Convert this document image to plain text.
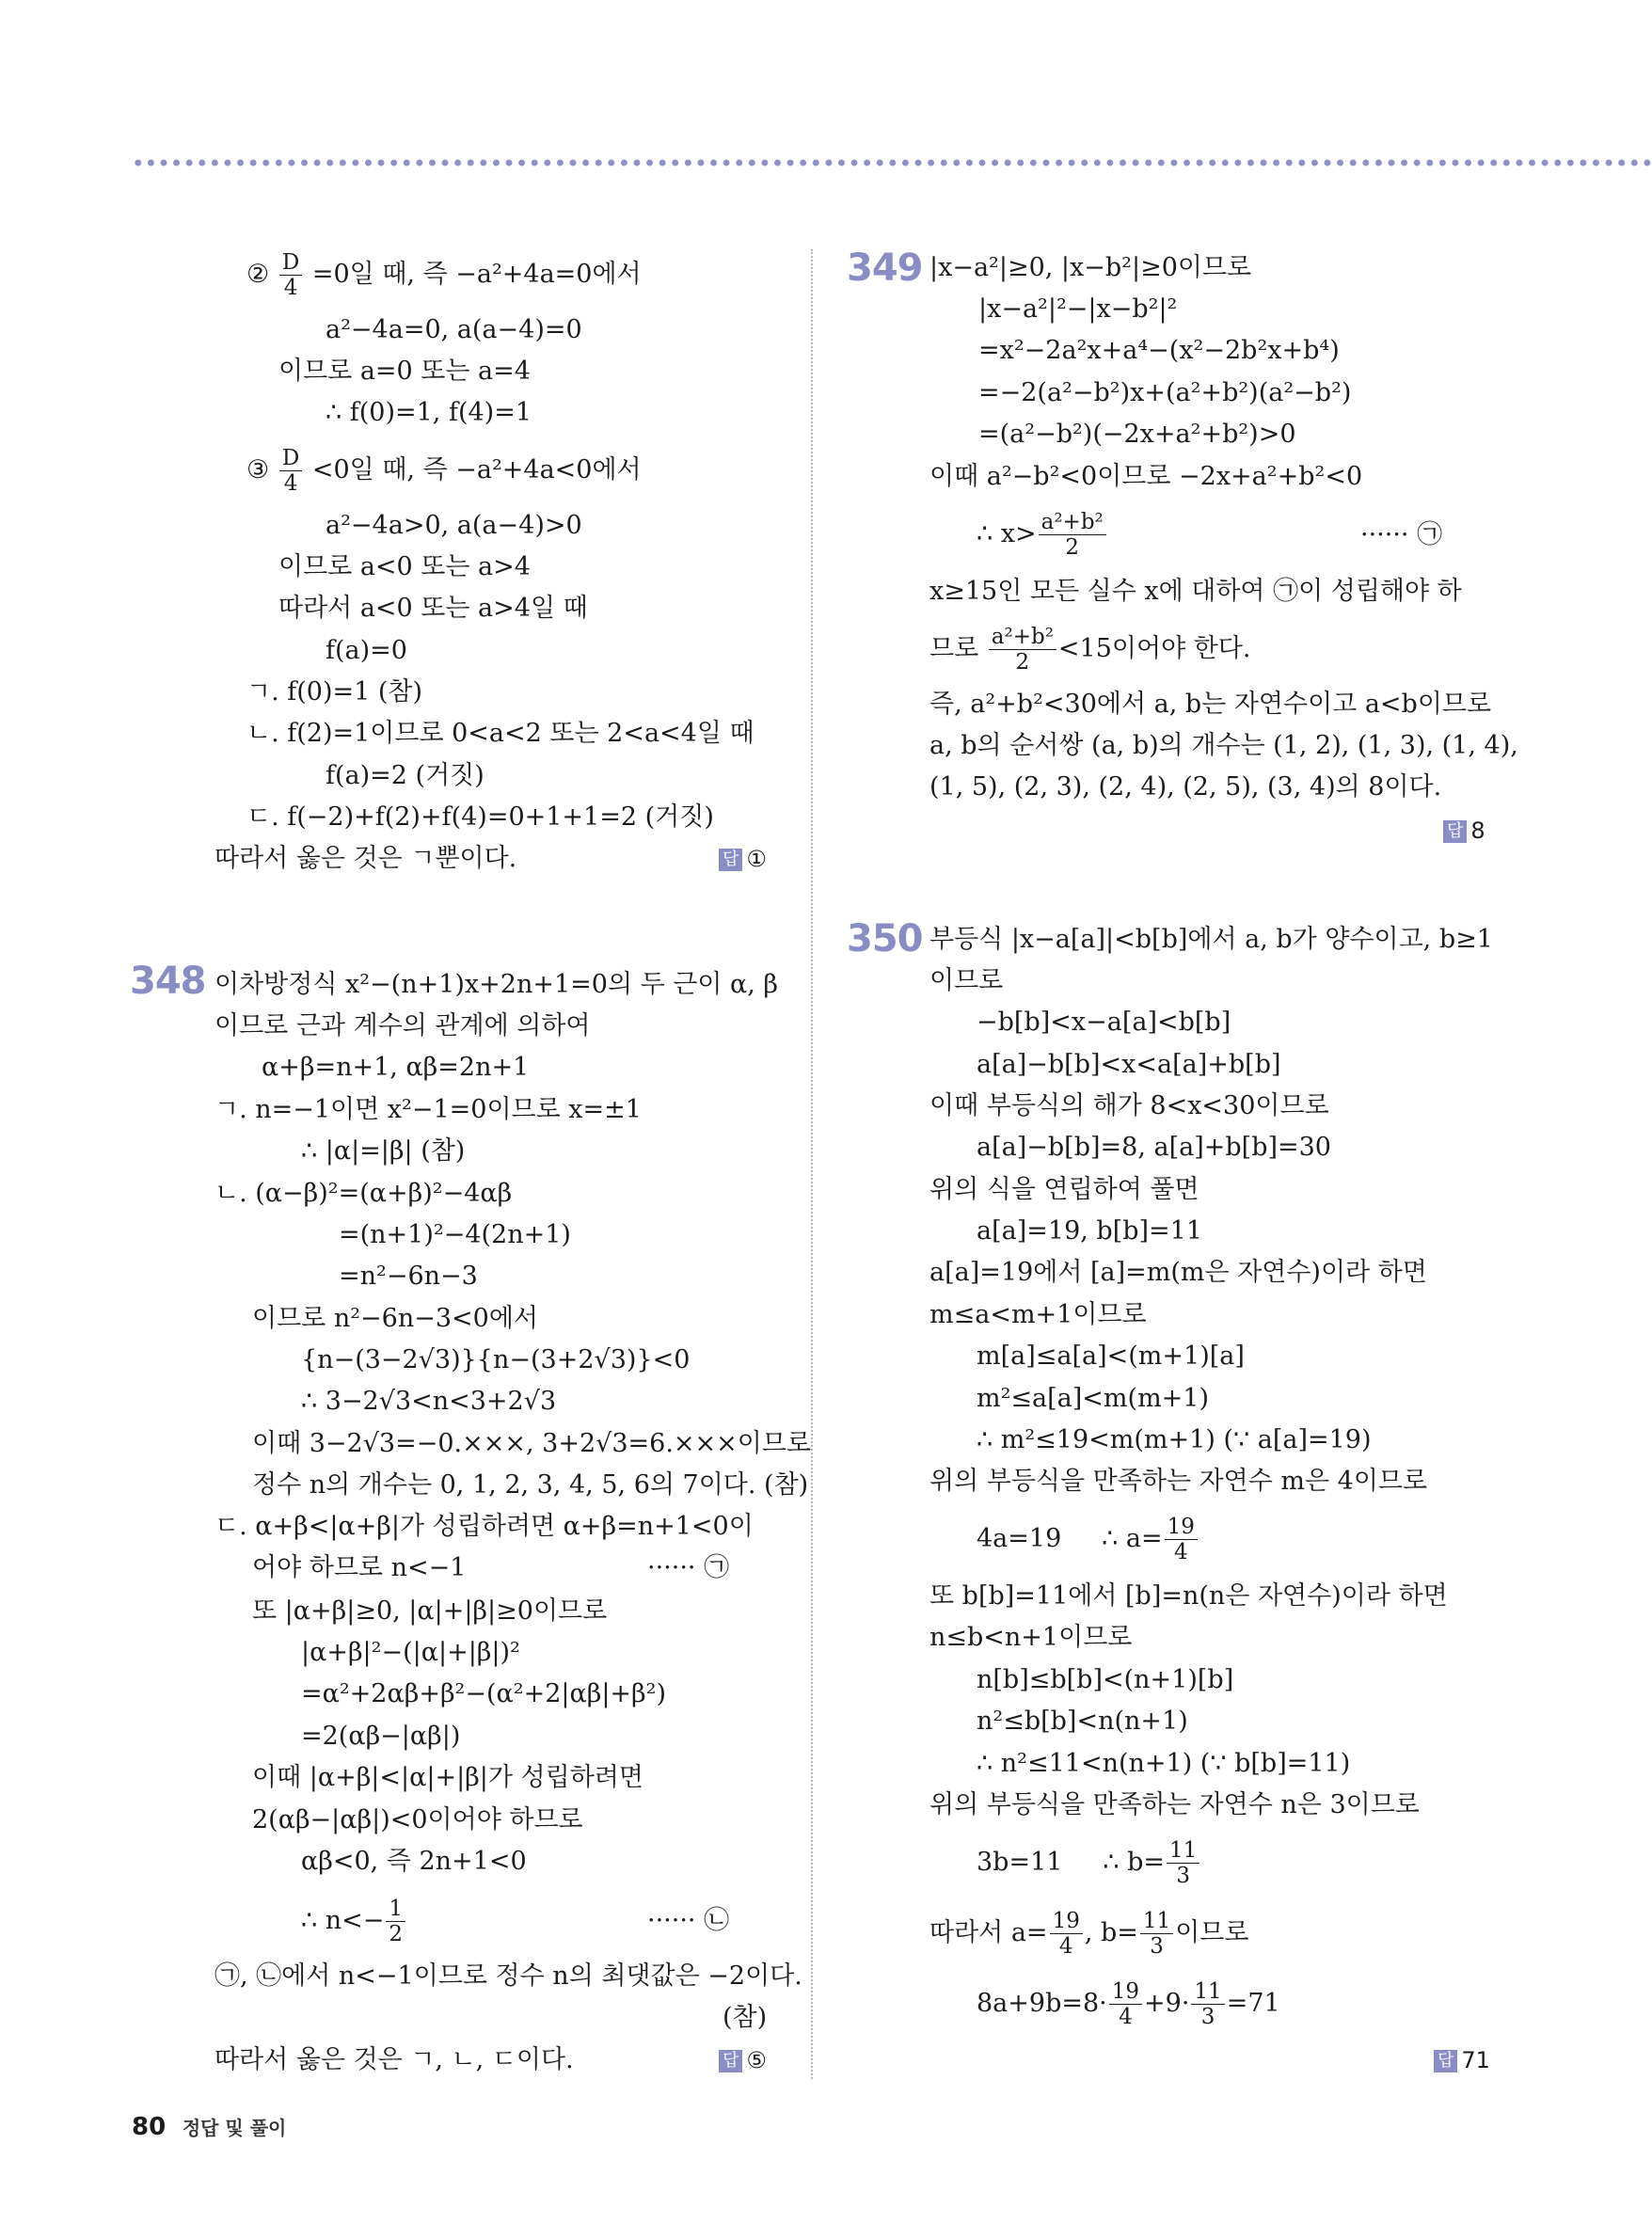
② $\frac{D}{4} =0$일 때, 즉 −a²+4a=0에서
a²−4a=0, a(a−4)=0
이므로 a=0 또는 a=4
∴ f(0)=1, f(4)=1
③ $\frac{D}{4} <0$일 때, 즉 −a²+4a<0에서
a²−4a>0, a(a−4)>0
이므로 a<0 또는 a>4
따라서 a<0 또는 a>4일 때
f(a)=0
ㄱ. f(0)=1 (참)
ㄴ. f(2)=1이므로 0<a<2 또는 2<a<4일 때
f(a)=2 (거짓)
ㄷ. f(−2)+f(2)+f(4)=0+1+1=2 (거짓)
따라서 옳은 것은 ㄱ뿐이다.	답 ①
348 이차방정식 x²−(n+1)x+2n+1=0의 두 근이 α, β
이므로 근과 계수의 관계에 의하여
α+β=n+1, αβ=2n+1
ㄱ. n=−1이면 x²−1=0이므로 x=±1
∴ |α|=|β| (참)
ㄴ. (α−β)²=(α+β)²−4αβ
=(n+1)²−4(2n+1)
=n²−6n−3
이므로 n²−6n−3<0에서
{n−(3−2√3)}{n−(3+2√3)}<0
∴ 3−2√3<n<3+2√3
이때 3−2√3=−0.×××, 3+2√3=6.×××이므로
정수 n의 개수는 0, 1, 2, 3, 4, 5, 6의 7이다. (참)
ㄷ. α+β<|α+β|가 성립하려면 α+β=n+1<0이
어야 하므로 n<−1	······ ㉠
또 |α+β|≥0, |α|+|β|≥0이므로
|α+β|²−(|α|+|β|)²
=α²+2αβ+β²−(α²+2|αβ|+β²)
=2(αβ−|αβ|)
이때 |α+β|<|α|+|β|가 성립하려면
2(αβ−|αβ|)<0이어야 하므로
αβ<0, 즉 2n+1<0
∴ $n<- \frac{1}{2}$	······ ㉡
㉠, ㉡에서 n<−1이므로 정수 n의 최댓값은 −2이다.
(참)
따라서 옳은 것은 ㄱ, ㄴ, ㄷ이다.	답 ⑤
349 |x−a²|≥0, |x−b²|≥0이므로
|x−a²|²−|x−b²|²
=x²−2a²x+a⁴−(x²−2b²x+b⁴)
=−2(a²−b²)x+(a²+b²)(a²−b²)
=(a²−b²)(−2x+a²+b²)>0
이때 a²−b²<0이므로 −2x+a²+b²<0
∴ $x> \frac{\text{a²+b²}}{2}$	······ ㉠
x≥15인 모든 실수 x에 대하여 ㉠이 성립해야 하
므로 $\frac{\text{a²+b²}}{2} <15$이어야 한다.
즉, a²+b²<30에서 a, b는 자연수이고 a<b이므로
a, b의 순서쌍 (a, b)의 개수는 (1, 2), (1, 3), (1, 4),
(1, 5), (2, 3), (2, 4), (2, 5), (3, 4)의 8이다.
답 8
350 부등식 |x−a[a]|<b[b]에서 a, b가 양수이고, b≥1
이므로
−b[b]<x−a[a]<b[b]
a[a]−b[b]<x<a[a]+b[b]
이때 부등식의 해가 8<x<30이므로
a[a]−b[b]=8, a[a]+b[b]=30
위의 식을 연립하여 풀면
a[a]=19, b[b]=11
a[a]=19에서 [a]=m(m은 자연수)이라 하면
m≤a<m+1이므로
m[a]≤a[a]<(m+1)[a]
m²≤a[a]<m(m+1)
∴ m²≤19<m(m+1) (∵ a[a]=19)
위의 부등식을 만족하는 자연수 m은 4이므로
4a=19     ∴ $a= \frac{19}{4}$
또 b[b]=11에서 [b]=n(n은 자연수)이라 하면
n≤b<n+1이므로
n[b]≤b[b]<(n+1)[b]
n²≤b[b]<n(n+1)
∴ n²≤11<n(n+1) (∵ b[b]=11)
위의 부등식을 만족하는 자연수 n은 3이므로
3b=11     ∴ $b= \frac{11}{3}$
따라서 $a= \frac{19}{4}$ , $b= \frac{11}{3}$ 이므로
$8a+9b=8\cdot \frac{19}{4} +9\cdot \frac{11}{3} =71$
답 71
80 정답 및 풀이
